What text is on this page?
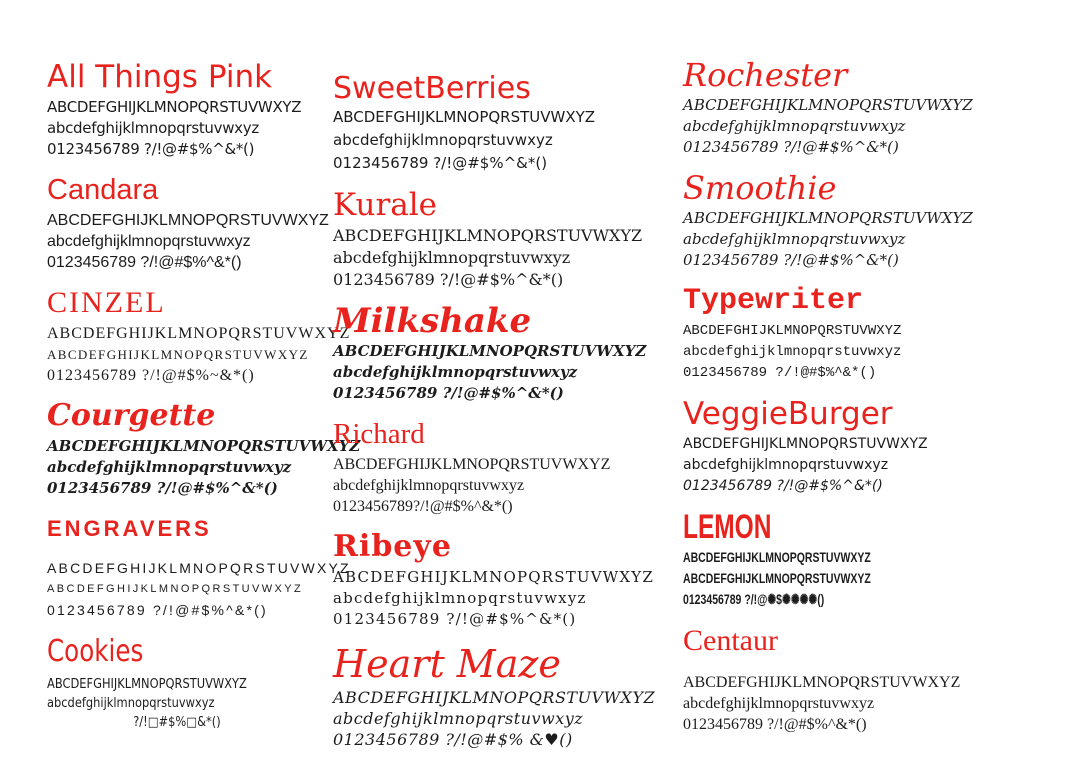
All Things Pink
ABCDEFGHIJKLMNOPQRSTUVWXYZ
abcdefghijklmnopqrstuvwxyz
0123456789 ?/!@#$%^&*()
Candara
ABCDEFGHIJKLMNOPQRSTUVWXYZ
abcdefghijklmnopqrstuvwxyz
0123456789 ?/!@#$%^&*()
CINZEL
ABCDEFGHIJKLMNOPQRSTUVWXYZ
ABCDEFGHIJKLMNOPQRSTUVWXYZ
0123456789 ?/!@#$%~&*()
Courgette
ABCDEFGHIJKLMNOPQRSTUVWXYZ
abcdefghijklmnopqrstuvwxyz
0123456789 ?/!@#$%^&*()
ENGRAVERS
ABCDEFGHIJKLMNOPQRSTUVWXYZ
ABCDEFGHIJKLMNOPQRSTUVWXYZ
0123456789 ?/!@#$%^&*()
Cookies
ABCDEFGHIJKLMNOPQRSTUVWXYZ
abcdefghijklmnopqrstuvwxyz
?/!□#$%□&*()
SweetBerries
ABCDEFGHIJKLMNOPQRSTUVWXYZ
abcdefghijklmnopqrstuvwxyz
0123456789 ?/!@#$%^&*()
Kurale
ABCDEFGHIJKLMNOPQRSTUVWXYZ
abcdefghijklmnopqrstuvwxyz
0123456789 ?/!@#$%^&*()
Milkshake
ABCDEFGHIJKLMNOPQRSTUVWXYZ
abcdefghijklmnopqrstuvwxyz
0123456789 ?/!@#$%^&*()
Richard
ABCDEFGHIJKLMNOPQRSTUVWXYZ
abcdefghijklmnopqrstuvwxyz
0123456789?/!@#$%^&*()
Ribeye
ABCDEFGHIJKLMNOPQRSTUVWXYZ
abcdefghijklmnopqrstuvwxyz
0123456789 ?/!@#$%^&*()
Heart Maze
ABCDEFGHIJKLMNOPQRSTUVWXYZ
abcdefghijklmnopqrstuvwxyz
0123456789 ?/!@#$% &♥()
Rochester
ABCDEFGHIJKLMNOPQRSTUVWXYZ
abcdefghijklmnopqrstuvwxyz
0123456789 ?/!@#$%^&*()
Smoothie
ABCDEFGHIJKLMNOPQRSTUVWXYZ
abcdefghijklmnopqrstuvwxyz
0123456789 ?/!@#$%^&*()
Typewriter
ABCDEFGHIJKLMNOPQRSTUVWXYZ
abcdefghijklmnopqrstuvwxyz
0123456789 ?/!@#$%^&*()
VeggieBurger
ABCDEFGHIJKLMNOPQRSTUVWXYZ
abcdefghijklmnopqrstuvwxyz
0123456789 ?/!@#$%^&*()
LEMON
ABCDEFGHIJKLMNOPQRSTUVWXYZ
ABCDEFGHIJKLMNOPQRSTUVWXYZ
0123456789 ?/!@✺$✺✺✺✺()
Centaur
ABCDEFGHIJKLMNOPQRSTUVWXYZ
abcdefghijklmnopqrstuvwxyz
0123456789 ?/!@#$%^&*()
